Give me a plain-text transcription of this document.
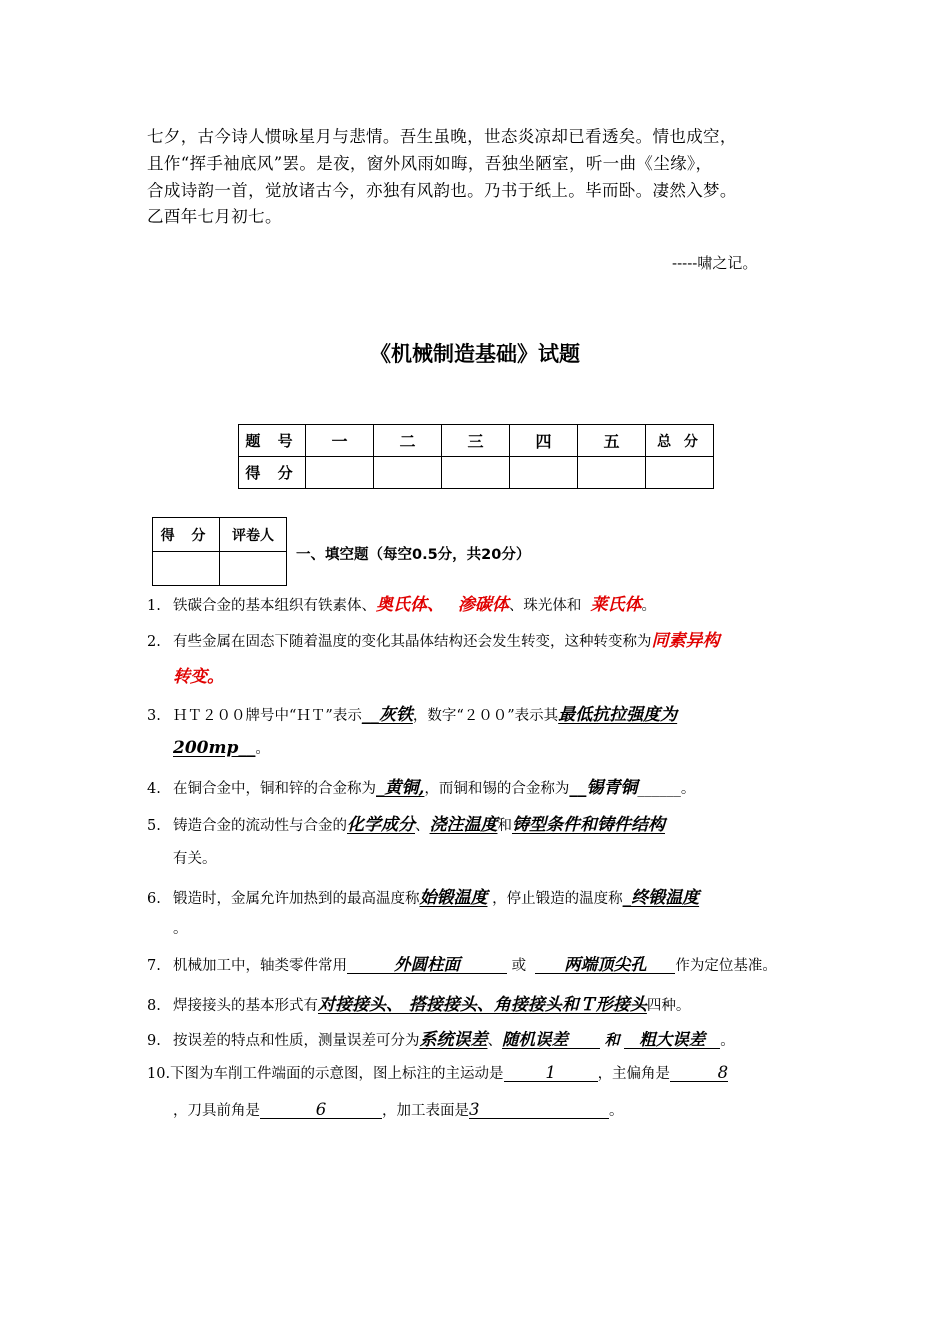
七夕，古今诗人惯咏星月与悲情。吾生虽晚，世态炎凉却已看透矣。情也成空，
且作“挥手袖底风”罢。是夜，窗外风雨如晦，吾独坐陋室，听一曲《尘缘》，
合成诗韵一首，觉放诸古今，亦独有风韵也。乃书于纸上。毕而卧。凄然入梦。
乙酉年七月初七。
-----啸之记。
《机械制造基础》试题
题 号	一	二	三	四	五	总 分
得 分						
得 分	评卷人

一、填空题（每空0.5分，共20分）
1. 铁碳合金的基本组织有铁素体、奥氏体、 渗碳体、珠光体和 莱氏体。
2. 有些金属在固态下随着温度的变化其晶体结构还会发生转变，这种转变称为同素异构
转变。
3. ＨＴ２００牌号中“ＨＴ”表示__灰铁，数字“２００”表示其最低抗拉强度为
200mp__。
4. 在铜合金中，铜和锌的合金称为_黄铜,，而铜和锡的合金称为__锡青铜______。
5. 铸造合金的流动性与合金的化学成分、浇注温度和铸型条件和铸件结构
有关。
6. 锻造时，金属允许加热到的最高温度称始锻温度 ，停止锻造的温度称_终锻温度
。
7. 机械加工中，轴类零件常用	外圆柱面	或 两端顶尖孔 作为定位基准。
8. 焊接接头的基本形式有对接接头、 搭接接头、角接接头和Ｔ形接头四种。
9. 按误差的特点和性质，测量误差可分为系统误差、随机误差 和 粗大误差 。
10.下图为车削工件端面的示意图，图上标注的主运动是	1	，主偏角是	8
，刀具前角是	6	，加工表面是3	。
